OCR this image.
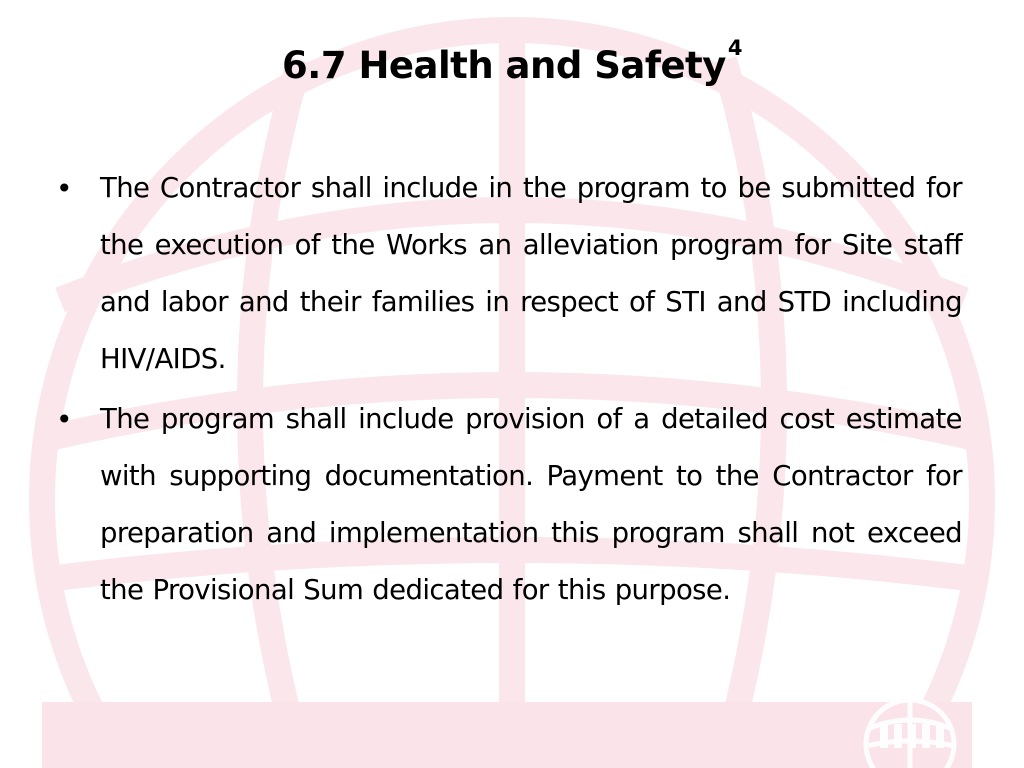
6.7 Health and Safety$^4$
• The Contractor shall include in the program to be submitted for the execution of the Works an alleviation program for Site staff and labor and their families in respect of STI and STD including HIV/AIDS.
• The program shall include provision of a detailed cost estimate with supporting documentation. Payment to the Contractor for preparation and implementation this program shall not exceed the Provisional Sum dedicated for this purpose.
